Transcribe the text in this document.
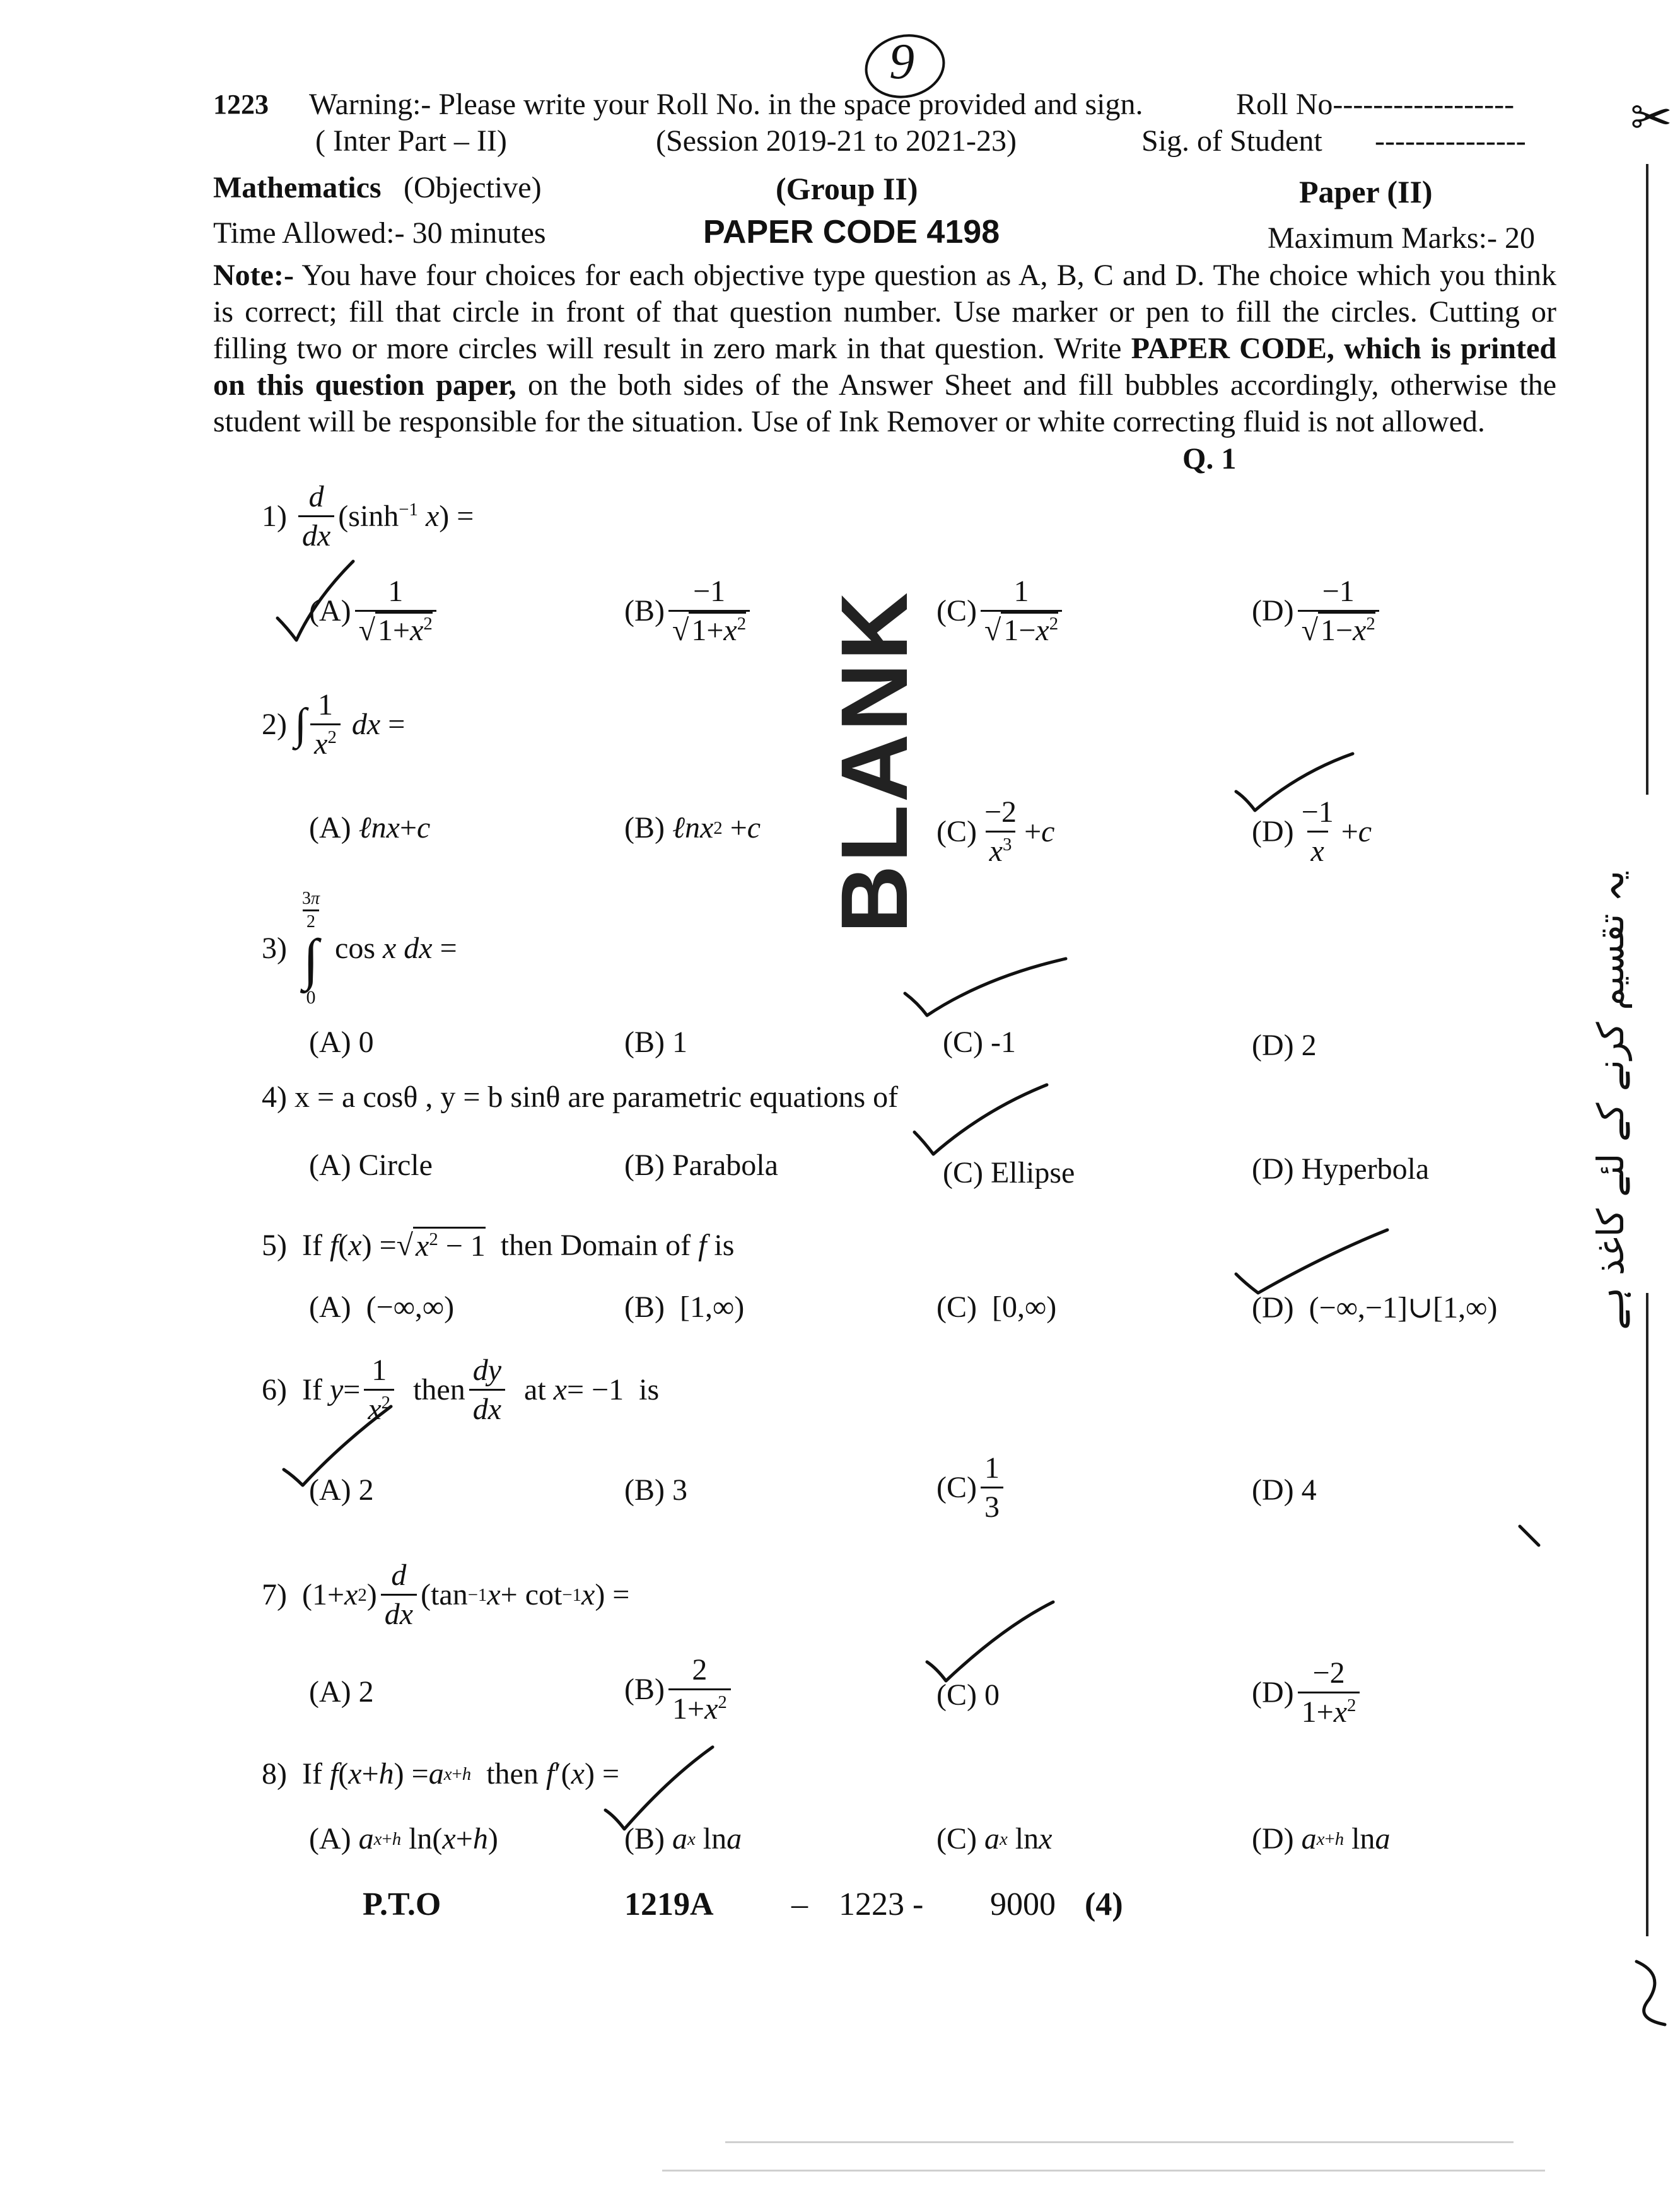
1223 Warning:- Please write your Roll No. in the space provided and sign.	Roll No------------------
( Inter Part – II)	(Session 2019-21 to 2021-23)	Sig. of Student ---------------
Mathematics (Objective)	(Group II)	Paper (II)
Time Allowed:- 30 minutes	PAPER CODE 4198	Maximum Marks:- 20
9
Note:- You have four choices for each objective type question as A, B, C and D. The choice which you think is correct; fill that circle in front of that question number. Use marker or pen to fill the circles. Cutting or filling two or more circles will result in zero mark in that question. Write PAPER CODE, which is printed on this question paper, on the both sides of the Answer Sheet and fill bubbles accordingly, otherwise the student will be responsible for the situation. Use of Ink Remover or white correcting fluid is not allowed.
Q. 1
$1) \frac{d}{dx} (\sinh^{-1}$ x) =
(A) 1
√ $1+x^2$	(B) −1
√ $1+x^2$	(C) 1
√ $1-x^2$	(D) −1
√ $1-x^2$
2) ∫ $\frac{1}{x^2}$ dx =
(A) ℓnx + c	(B) ℓnx 2 + c	$(C) \frac{-2}{x^3} + c$	$(D) \frac{-1}{x} + c$
3)
$\frac{3\pi}{2}$
∫
0
cos x dx =
(A) 0	(B) 1	(C) -1	(D) 2
4) x = a cosθ , y = b sinθ are parametric equations of
(A) Circle	(B) Parabola	(C) Ellipse	(D) Hyperbola
5)  If f ( x ) =
√ $x^2 - 1$ then Domain of f is
(A)  (−∞,∞)	(B)  [1,∞)	(C)  [0,∞)	(D)  (−∞,−1]∪[1,∞)
6)  If $y = \frac{1}{x^2}$ then $\frac{dy}{dx}$ at x = −1  is
(A) 2	(B) 3	$(C) \frac{1}{3}$	(D) 4
7)  (1+ x 2 ) $\frac{d}{dx} (\tan -1$ x + cot −1 x ) =
(A) 2	$(B) \frac{2}{1+x^2}$	(C) 0	$(D) \frac{-2}{1+x^2}$
8)  If f ( x + h ) = a x+h then f ′( x ) =
(A) a x+h ln( x + h )	(B) a x ln a	(C) a x ln x	(D) a x+h ln a
P.T.O	1219A – 1223 - 9000 (4)
BLANK
✂
یہ تقسیم کرنے کے لئے کاغذ ہے
